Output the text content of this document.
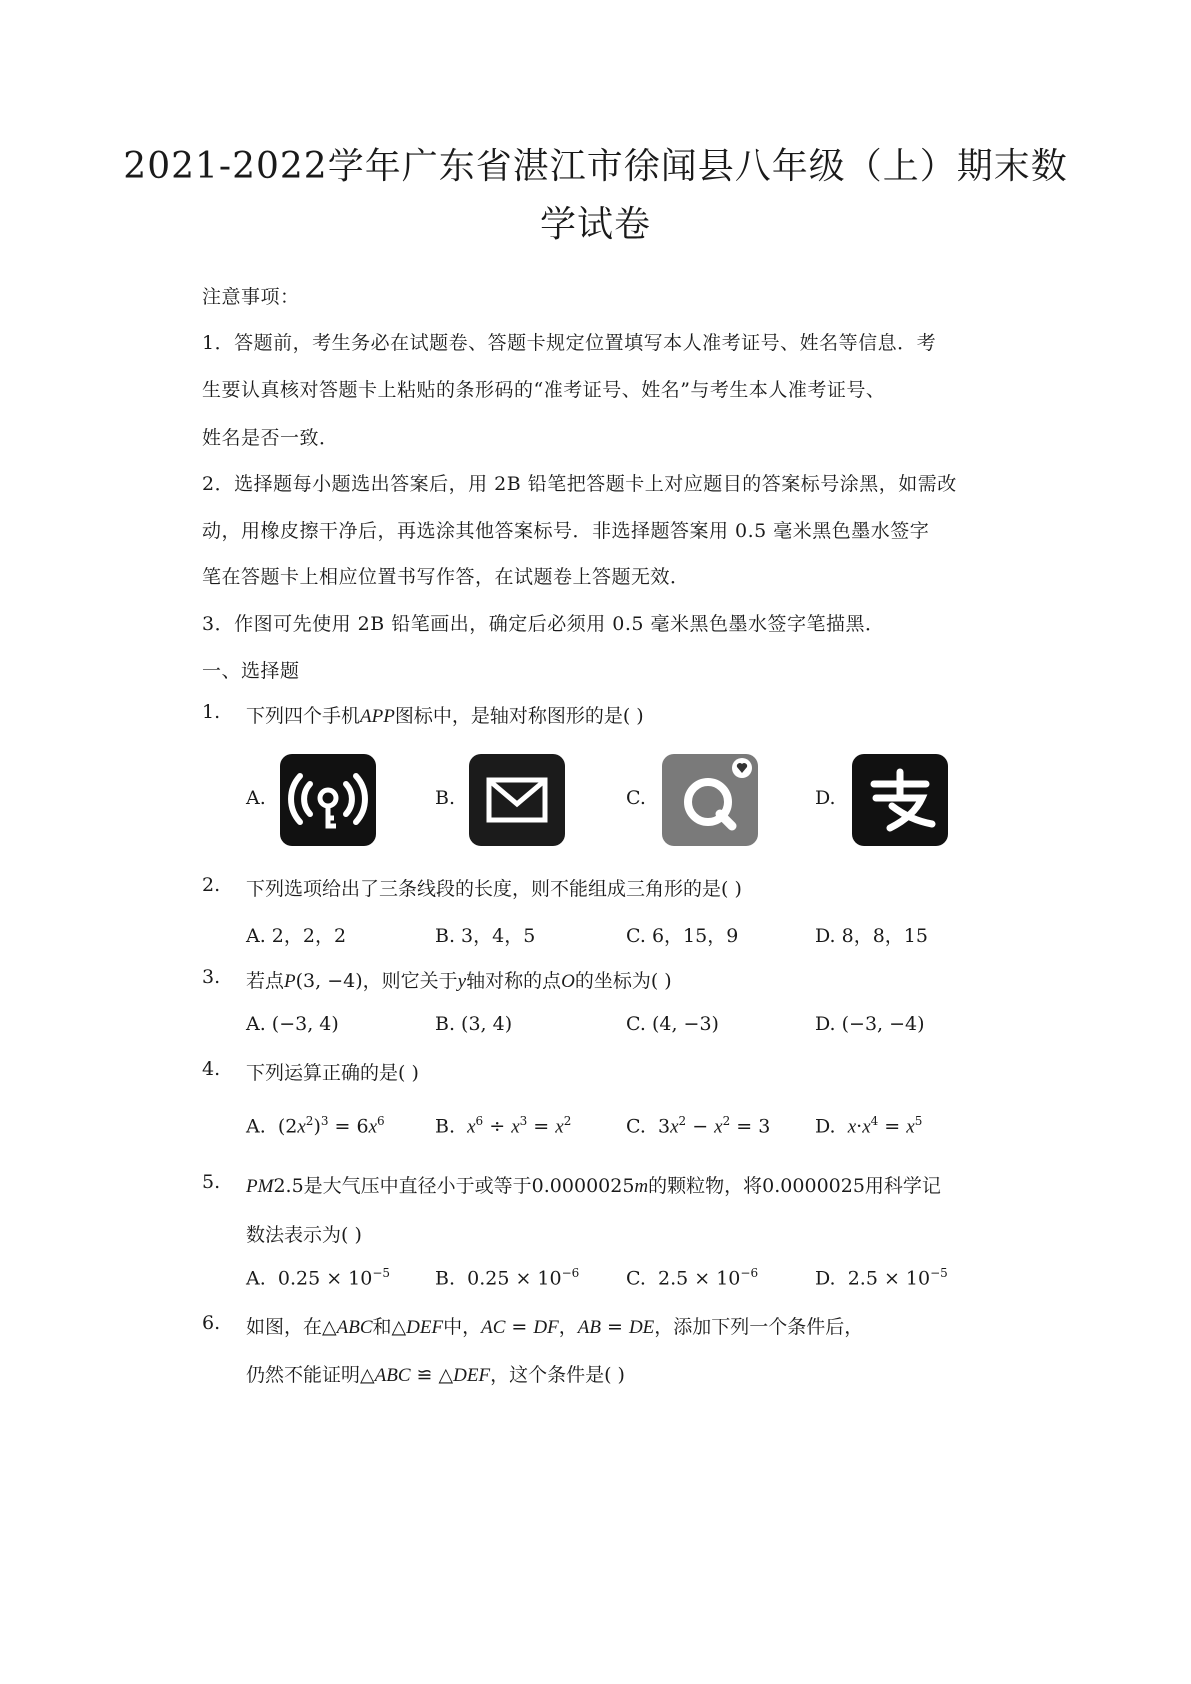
2021-2022学年广东省湛江市徐闻县八年级（上）期末数
学试卷
注意事项：
1．答题前，考生务必在试题卷、答题卡规定位置填写本人准考证号、姓名等信息．考
生要认真核对答题卡上粘贴的条形码的“准考证号、姓名”与考生本人准考证号、
姓名是否一致．
2．选择题每小题选出答案后，用 2B 铅笔把答题卡上对应题目的答案标号涂黑，如需改
动，用橡皮擦干净后，再选涂其他答案标号．非选择题答案用 0.5 毫米黑色墨水签字
笔在答题卡上相应位置书写作答，在试题卷上答题无效．
3．作图可先使用 2B 铅笔画出，确定后必须用 0.5 毫米黑色墨水签字笔描黑．
一、选择题
1. 下列四个手机APP图标中，是轴对称图形的是( )
A.	B.	C.	D.
2. 下列选项给出了三条线段的长度，则不能组成三角形的是( )
A. 2，2，2	B. 3，4，5	C. 6，15，9	D. 8，8，15
3. 若点P(3, −4)，则它关于y轴对称的点O的坐标为( )
A. (−3, 4)	B. (3, 4)	C. (4, −3)	D. (−3, −4)
4. 下列运算正确的是( )
A.  $(2x^2)^3 = 6x^6$	B. $x^6 \div x^3 = x^2$	C.  $3x^2 - x^2 = 3$ D. $x\cdot x^4 = x^5$
5. PM2.5是大气压中直径小于或等于0.0000025m的颗粒物，将0.0000025用科学记
数法表示为( )
A. $0.25 \times 10^{-5}$ B. $0.25 \times 10^{-6}$ C. $2.5 \times 10^{-6}$	D. $2.5 \times 10^{-5}$
6. 如图，在△ABC和△DEF中，AC = DF，AB = DE，添加下列一个条件后，
仍然不能证明△ABC ≌ △DEF，这个条件是( )
